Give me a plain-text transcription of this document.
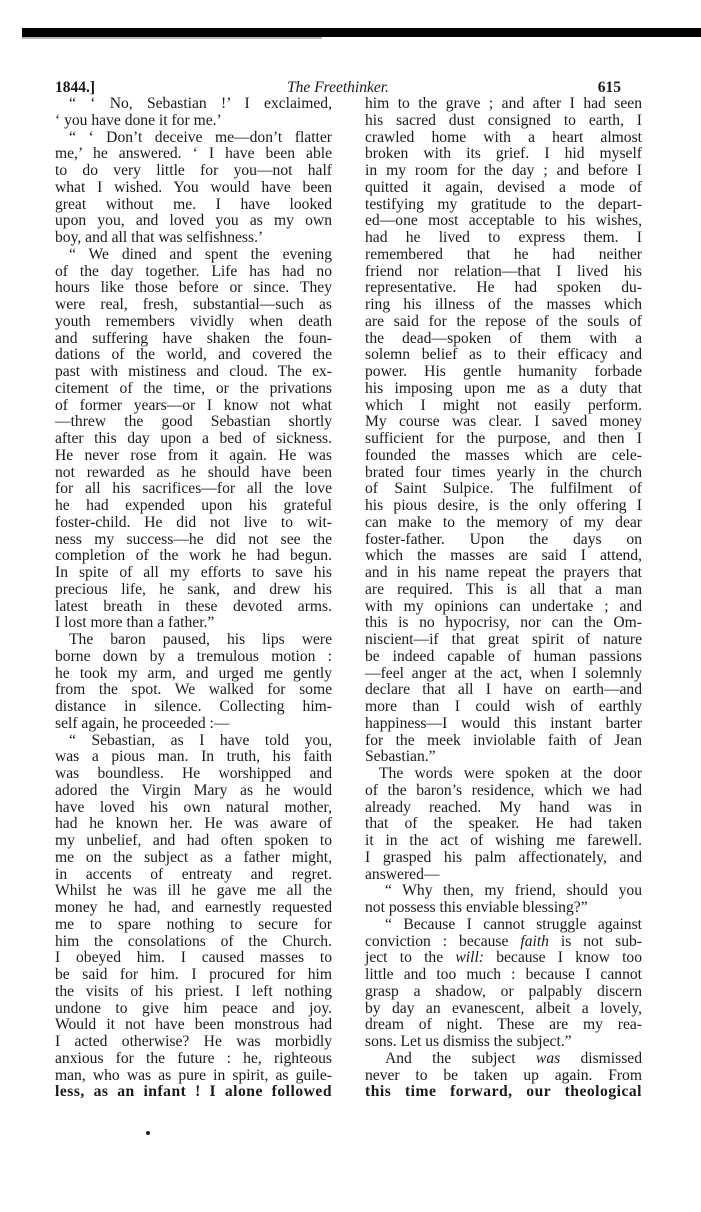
1844.]	The Freethinker.	615
“ ‘ No, Sebastian !’ I exclaimed,
‘ you have done it for me.’
“ ‘ Don’t deceive me—don’t flatter
me,’ he answered. ‘ I have been able
to do very little for you—not half
what I wished. You would have been
great without me. I have looked
upon you, and loved you as my own
boy, and all that was selfishness.’
“ We dined and spent the evening
of the day together. Life has had no
hours like those before or since. They
were real, fresh, substantial—such as
youth remembers vividly when death
and suffering have shaken the foun-
dations of the world, and covered the
past with mistiness and cloud. The ex-
citement of the time, or the privations
of former years—or I know not what
—threw the good Sebastian shortly
after this day upon a bed of sickness.
He never rose from it again. He was
not rewarded as he should have been
for all his sacrifices—for all the love
he had expended upon his grateful
foster-child. He did not live to wit-
ness my success—he did not see the
completion of the work he had begun.
In spite of all my efforts to save his
precious life, he sank, and drew his
latest breath in these devoted arms.
I lost more than a father.”
The baron paused, his lips were
borne down by a tremulous motion :
he took my arm, and urged me gently
from the spot. We walked for some
distance in silence. Collecting him-
self again, he proceeded :—
“ Sebastian, as I have told you,
was a pious man. In truth, his faith
was boundless. He worshipped and
adored the Virgin Mary as he would
have loved his own natural mother,
had he known her. He was aware of
my unbelief, and had often spoken to
me on the subject as a father might,
in accents of entreaty and regret.
Whilst he was ill he gave me all the
money he had, and earnestly requested
me to spare nothing to secure for
him the consolations of the Church.
I obeyed him. I caused masses to
be said for him. I procured for him
the visits of his priest. I left nothing
undone to give him peace and joy.
Would it not have been monstrous had
I acted otherwise? He was morbidly
anxious for the future : he, righteous
man, who was as pure in spirit, as guile-
less, as an infant ! I alone followed
him to the grave ; and after I had seen
his sacred dust consigned to earth, I
crawled home with a heart almost
broken with its grief. I hid myself
in my room for the day ; and before I
quitted it again, devised a mode of
testifying my gratitude to the depart-
ed—one most acceptable to his wishes,
had he lived to express them. I
remembered that he had neither
friend nor relation—that I lived his
representative. He had spoken du-
ring his illness of the masses which
are said for the repose of the souls of
the dead—spoken of them with a
solemn belief as to their efficacy and
power. His gentle humanity forbade
his imposing upon me as a duty that
which I might not easily perform.
My course was clear. I saved money
sufficient for the purpose, and then I
founded the masses which are cele-
brated four times yearly in the church
of Saint Sulpice. The fulfilment of
his pious desire, is the only offering I
can make to the memory of my dear
foster-father. Upon the days on
which the masses are said I attend,
and in his name repeat the prayers that
are required. This is all that a man
with my opinions can undertake ; and
this is no hypocrisy, nor can the Om-
niscient—if that great spirit of nature
be indeed capable of human passions
—feel anger at the act, when I solemnly
declare that all I have on earth—and
more than I could wish of earthly
happiness—I would this instant barter
for the meek inviolable faith of Jean
Sebastian.”
The words were spoken at the door
of the baron’s residence, which we had
already reached. My hand was in
that of the speaker. He had taken
it in the act of wishing me farewell.
I grasped his palm affectionately, and
answered—
“ Why then, my friend, should you
not possess this enviable blessing?”
“ Because I cannot struggle against
conviction : because faith is not sub-
ject to the will: because I know too
little and too much : because I cannot
grasp a shadow, or palpably discern
by day an evanescent, albeit a lovely,
dream of night. These are my rea-
sons. Let us dismiss the subject.”
And the subject was dismissed
never to be taken up again. From
this time forward, our theological
